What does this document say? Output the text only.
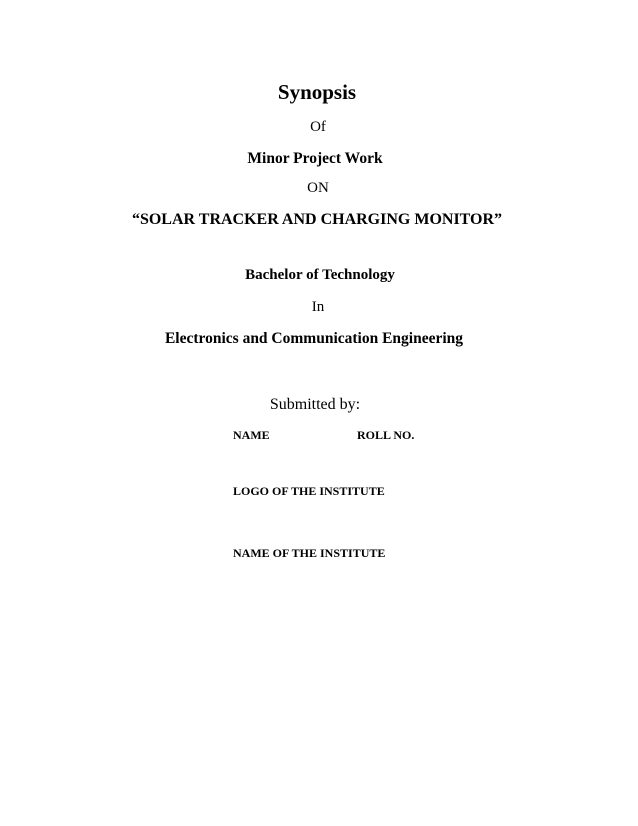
Synopsis
Of
Minor Project Work
ON
“SOLAR TRACKER AND CHARGING MONITOR”
Bachelor of Technology
In
Electronics and Communication Engineering
Submitted by:
NAME	ROLL NO.
LOGO OF THE INSTITUTE
NAME OF THE INSTITUTE
